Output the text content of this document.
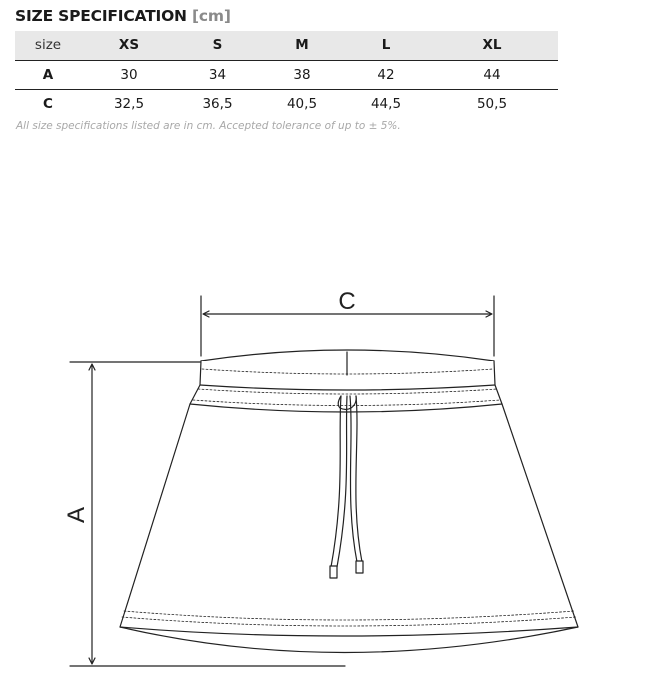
SIZE SPECIFICATION [cm]
size	XS	S	M	L	XL
A	30	34	38	42	44
C	32,5	36,5	40,5	44,5	50,5
All size specifications listed are in cm. Accepted tolerance of up to ± 5%.
C
A
